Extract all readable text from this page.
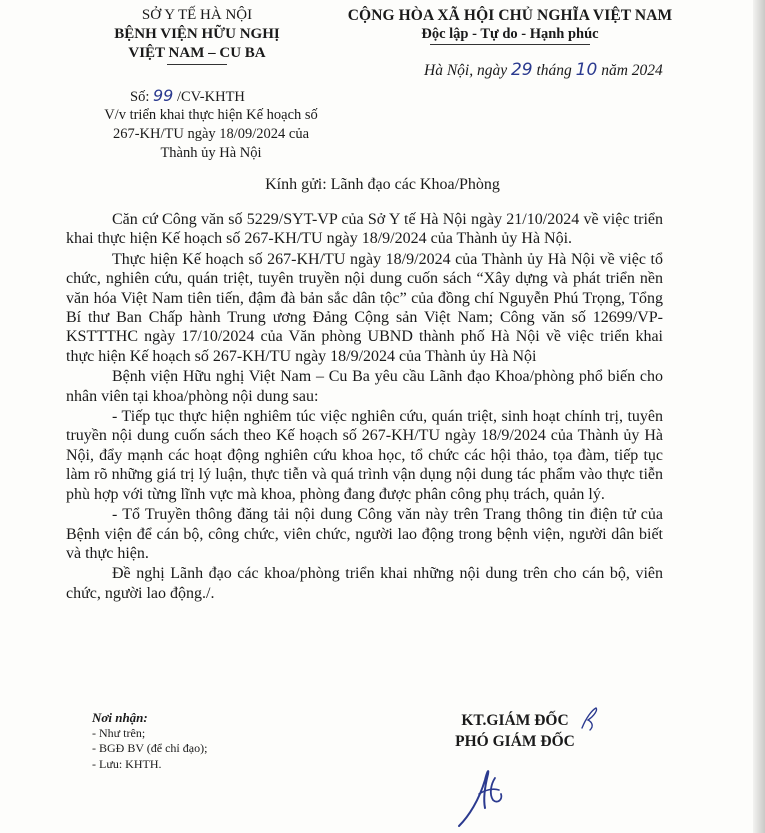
SỞ Y TẾ HÀ NỘI
BỆNH VIỆN HỮU NGHỊ
VIỆT NAM – CU BA
CỘNG HÒA XÃ HỘI CHỦ NGHĨA VIỆT NAM
Độc lập - Tự do - Hạnh phúc
Hà Nội, ngày 29 tháng 10 năm 2024
Số: 99 /CV-KHTH
V/v triển khai thực hiện Kế hoạch số
267-KH/TU ngày 18/09/2024 của
Thành ủy Hà Nội
Kính gửi: Lãnh đạo các Khoa/Phòng

Căn cứ Công văn số 5229/SYT-VP của Sở Y tế Hà Nội ngày 21/10/2024 về việc triển khai thực hiện Kế hoạch số 267-KH/TU ngày 18/9/2024 của Thành ủy Hà Nội.

Thực hiện Kế hoạch số 267-KH/TU ngày 18/9/2024 của Thành ủy Hà Nội về việc tổ chức, nghiên cứu, quán triệt, tuyên truyền nội dung cuốn sách “Xây dựng và phát triển nền văn hóa Việt Nam tiên tiến, đậm đà bản sắc dân tộc” của đồng chí Nguyễn Phú Trọng, Tổng Bí thư Ban Chấp hành Trung ương Đảng Cộng sản Việt Nam; Công văn số 12699/VP-KSTTTHC ngày 17/10/2024 của Văn phòng UBND thành phố Hà Nội về việc triển khai thực hiện Kế hoạch số 267-KH/TU ngày 18/9/2024 của Thành ủy Hà Nội

Bệnh viện Hữu nghị Việt Nam – Cu Ba yêu cầu Lãnh đạo Khoa/phòng phổ biến cho nhân viên tại khoa/phòng nội dung sau:

- Tiếp tục thực hiện nghiêm túc việc nghiên cứu, quán triệt, sinh hoạt chính trị, tuyên truyền nội dung cuốn sách theo Kế hoạch số 267-KH/TU ngày 18/9/2024 của Thành ủy Hà Nội, đẩy mạnh các hoạt động nghiên cứu khoa học, tổ chức các hội thảo, tọa đàm, tiếp tục làm rõ những giá trị lý luận, thực tiễn và quá trình vận dụng nội dung tác phẩm vào thực tiễn phù hợp với từng lĩnh vực mà khoa, phòng đang được phân công phụ trách, quản lý.

- Tổ Truyền thông đăng tải nội dung Công văn này trên Trang thông tin điện tử của Bệnh viện để cán bộ, công chức, viên chức, người lao động trong bệnh viện, người dân biết và thực hiện.

Đề nghị Lãnh đạo các khoa/phòng triển khai những nội dung trên cho cán bộ, viên chức, người lao động./.

Nơi nhận:
- Như trên;
- BGĐ BV (để chỉ đạo);
- Lưu: KHTH.
KT.GIÁM ĐỐC
PHÓ GIÁM ĐỐC
